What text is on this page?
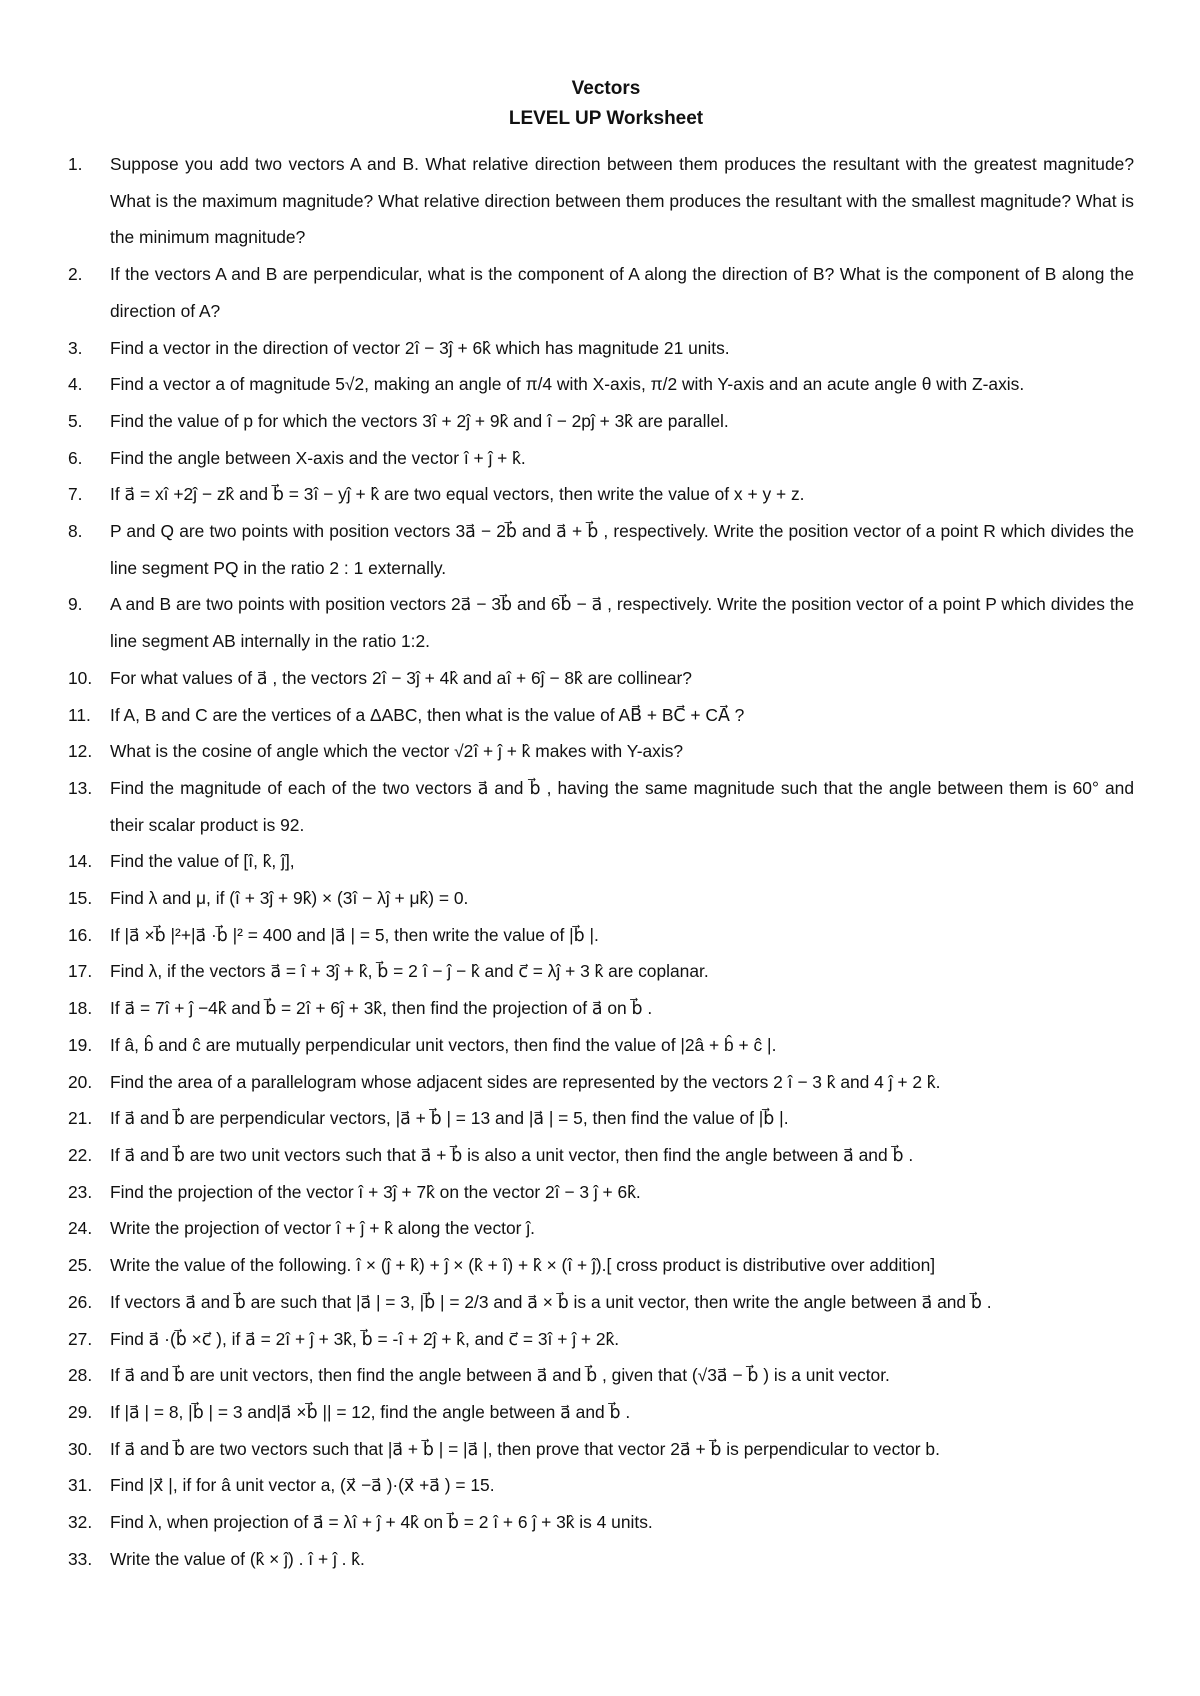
Vectors
LEVEL UP Worksheet
1.	Suppose you add two vectors A and B. What relative direction between them produces the resultant with the greatest magnitude? What is the maximum magnitude? What relative direction between them produces the resultant with the smallest magnitude? What is the minimum magnitude?
2.	If the vectors A and B are perpendicular, what is the component of A along the direction of B? What is the component of B along the direction of A?
3.	Find a vector in the direction of vector 2î − 3ĵ + 6k̂ which has magnitude 21 units.
4.	Find a vector a of magnitude 5√2, making an angle of π/4 with X-axis, π/2 with Y-axis and an acute angle θ with Z-axis.
5.	Find the value of p for which the vectors 3î + 2ĵ + 9k̂ and î − 2pĵ + 3k̂ are parallel.
6.	Find the angle between X-axis and the vector î + ĵ + k̂.
7.	If a⃗ = xî +2ĵ − zk̂ and b⃗ = 3î − yĵ + k̂ are two equal vectors, then write the value of x + y + z.
8.	P and Q are two points with position vectors 3a⃗ − 2b⃗ and a⃗ + b⃗ , respectively. Write the position vector of a point R which divides the line segment PQ in the ratio 2 : 1 externally.
9.	A and B are two points with position vectors 2a⃗ − 3b⃗ and 6b⃗ − a⃗ , respectively. Write the position vector of a point P which divides the line segment AB internally in the ratio 1:2.
10.	For what values of a⃗ , the vectors 2î − 3ĵ + 4k̂ and aî + 6ĵ − 8k̂ are collinear?
11.	If A, B and C are the vertices of a ΔABC, then what is the value of AB⃗ + BC⃗ + CA⃗ ?
12.	What is the cosine of angle which the vector √2î + ĵ + k̂ makes with Y-axis?
13.	Find the magnitude of each of the two vectors a⃗ and b⃗ , having the same magnitude such that the angle between them is 60° and their scalar product is 92.
14.	Find the value of [î, k̂, ĵ],
15.	Find λ and μ, if (î + 3ĵ + 9k̂) × (3î − λĵ + μk̂) = 0.
16.	If |a⃗ ×b⃗ |²+|a⃗ ·b⃗ |² = 400 and |a⃗ | = 5, then write the value of |b⃗ |.
17.	Find λ, if the vectors a⃗ = î + 3ĵ + k̂, b⃗ = 2 î − ĵ − k̂ and c⃗ = λĵ + 3 k̂ are coplanar.
18.	If a⃗ = 7î + ĵ −4k̂ and b⃗ = 2î + 6ĵ + 3k̂, then find the projection of a⃗ on b⃗ .
19.	If â, b̂ and ĉ are mutually perpendicular unit vectors, then find the value of |2â + b̂ + ĉ |.
20.	Find the area of a parallelogram whose adjacent sides are represented by the vectors 2 î − 3 k̂ and 4 ĵ + 2 k̂.
21.	If a⃗ and b⃗ are perpendicular vectors, |a⃗ + b⃗ | = 13 and |a⃗ | = 5, then find the value of |b⃗ |.
22.	If a⃗ and b⃗ are two unit vectors such that a⃗ + b⃗ is also a unit vector, then find the angle between a⃗ and b⃗ .
23.	Find the projection of the vector î + 3ĵ + 7k̂ on the vector 2î − 3 ĵ + 6k̂.
24.	Write the projection of vector î + ĵ + k̂ along the vector ĵ.
25.	Write the value of the following. î × (ĵ + k̂) + ĵ × (k̂ + î) + k̂ × (î + ĵ).[ cross product is distributive over addition]
26.	If vectors a⃗ and b⃗ are such that |a⃗ | = 3, |b⃗ | = 2/3 and a⃗ × b⃗ is a unit vector, then write the angle between a⃗ and b⃗ .
27.	Find a⃗ ·(b⃗ ×c⃗ ), if a⃗ = 2î + ĵ + 3k̂, b⃗ = -î + 2ĵ + k̂, and c⃗ = 3î + ĵ + 2k̂.
28.	If a⃗ and b⃗ are unit vectors, then find the angle between a⃗ and b⃗ , given that (√3a⃗ − b⃗ ) is a unit vector.
29.	If |a⃗ | = 8, |b⃗ | = 3 and|a⃗ ×b⃗ || = 12, find the angle between a⃗ and b⃗ .
30.	If a⃗ and b⃗ are two vectors such that |a⃗ + b⃗ | = |a⃗ |, then prove that vector 2a⃗ + b⃗ is perpendicular to vector b.
31.	Find |x⃗ |, if for â unit vector a, (x⃗ −a⃗ )·(x⃗ +a⃗ ) = 15.
32.	Find λ, when projection of a⃗ = λî + ĵ + 4k̂ on b⃗ = 2 î + 6 ĵ + 3k̂ is 4 units.
33.	Write the value of (k̂ × ĵ) . î + ĵ . k̂.
